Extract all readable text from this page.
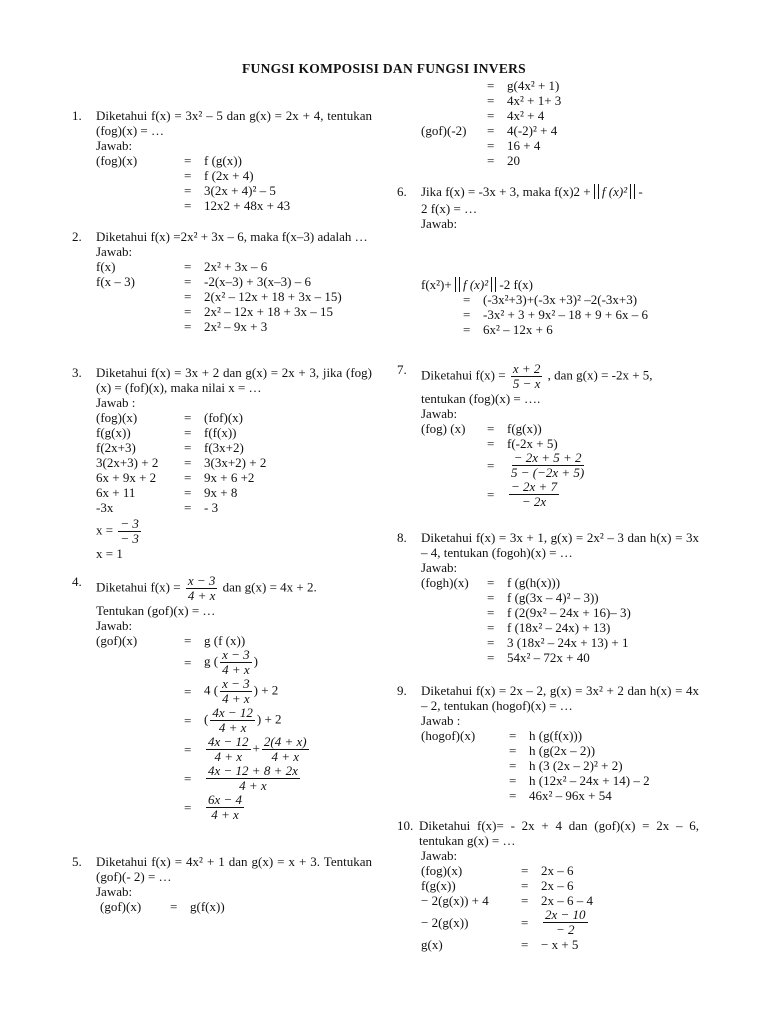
FUNGSI KOMPOSISI DAN FUNGSI INVERS
1.	Diketahui f(x) = 3x² – 5 dan g(x) = 2x + 4, tentukan (fog)(x) = …
Jawab:
(fog)(x)	=	f (g(x))
	=	f (2x + 4)
	=	3(2x + 4)² – 5
	=	12x2 + 48x + 43
2.	Diketahui f(x) =2x² + 3x – 6, maka f(x–3) adalah …
Jawab:
f(x)	=	2x² + 3x – 6
f(x – 3)	=	-2(x–3) + 3(x–3) – 6
	=	2(x² – 12x + 18 + 3x – 15)
	=	2x² – 12x + 18 + 3x – 15
	=	2x² – 9x + 3
3.	Diketahui f(x) = 3x + 2 dan g(x) = 2x + 3, jika (fog)(x) = (fof)(x), maka nilai x = …
Jawab :
(fog)(x)	=	(fof)(x)
f(g(x))	=	f(f(x))
f(2x+3)	=	f(3x+2)
3(2x+3) + 2	=	3(3x+2) + 2
6x + 9x + 2	=	9x + 6 +2
6x + 11	=	9x + 8
-3x	=	- 3
$x = \frac{- 3}{- 3}$
x = 1
4.	Diketahui $f(x) = \frac{x - 3}{4 + x}$ dan g(x) = 4x + 2.
Tentukan (gof)(x) = …
Jawab:
(gof)(x)	=	g (f (x))
	=	g ( $\frac{x - 3}{4 + x}$ )
	=	4 ( $\frac{x - 3}{4 + x}$ ) + 2
	=	( $\frac{4x - 12}{4 + x}$ ) + 2
	=	$\frac{4x - 12}{4 + x} + \frac{2(4 + x)}{4 + x}$

	=	$\frac{4x - 12 + 8 + 2x}{4 + x}$

	=	$\frac{6x - 4}{4 + x}$
5.	Diketahui f(x) = 4x² + 1 dan g(x) = x + 3. Tentukan (gof)(- 2) = …
Jawab:
(gof)(x)	=	g(f(x))
	=	g(4x² + 1)
	=	4x² + 1+ 3
	=	4x² + 4
(gof)(-2)	=	4(-2)² + 4
	=	16 + 4
	=	20
6.	Jika f(x) = -3x + 3, maka f(x)2 + f (x)² -
2 f(x) = …
Jawab:
f(x²)+ f (x)² -2 f(x)
=	(-3x²+3)+(-3x +3)² –2(-3x+3)
=	-3x² + 3 + 9x² – 18 + 9 + 6x – 6
=	6x² – 12x + 6
7.	Diketahui $f(x) = \frac{x + 2}{5 - x}$ , dan g(x) = -2x + 5,
tentukan (fog)(x) = ….
Jawab:
(fog) (x)	=	f(g(x))
	=	f(-2x + 5)
	=	$\frac{- 2x + 5 + 2}{5 - (-2x + 5)}$

	=	$\frac{- 2x + 7}{- 2x}$
8.	Diketahui f(x) = 3x + 1, g(x) = 2x² – 3 dan h(x) = 3x – 4, tentukan (fogoh)(x) = …
Jawab:
(fogh)(x)	=	f (g(h(x)))
	=	f (g(3x – 4)² – 3))
	=	f (2(9x² – 24x + 16)– 3)
	=	f (18x² – 24x) + 13)
	=	3 (18x² – 24x + 13) + 1
	=	54x² – 72x + 40
9.	Diketahui f(x) = 2x – 2, g(x) = 3x² + 2 dan h(x) = 4x – 2, tentukan (hogof)(x) = …
Jawab :
(hogof)(x)	=	h (g(f(x)))
	=	h (g(2x – 2))
	=	h (3 (2x – 2)² + 2)
	=	h (12x² – 24x + 14) – 2
	=	46x² – 96x + 54
10. Diketahui f(x)= - 2x + 4 dan (gof)(x) = 2x – 6, tentukan g(x) = …
Jawab:
(fog)(x)	=	2x – 6
f(g(x))	=	2x – 6
− 2(g(x)) + 4	=	2x – 6 – 4
− 2(g(x))	=	$\frac{2x - 10}{- 2}$

g(x)	=	− x + 5
